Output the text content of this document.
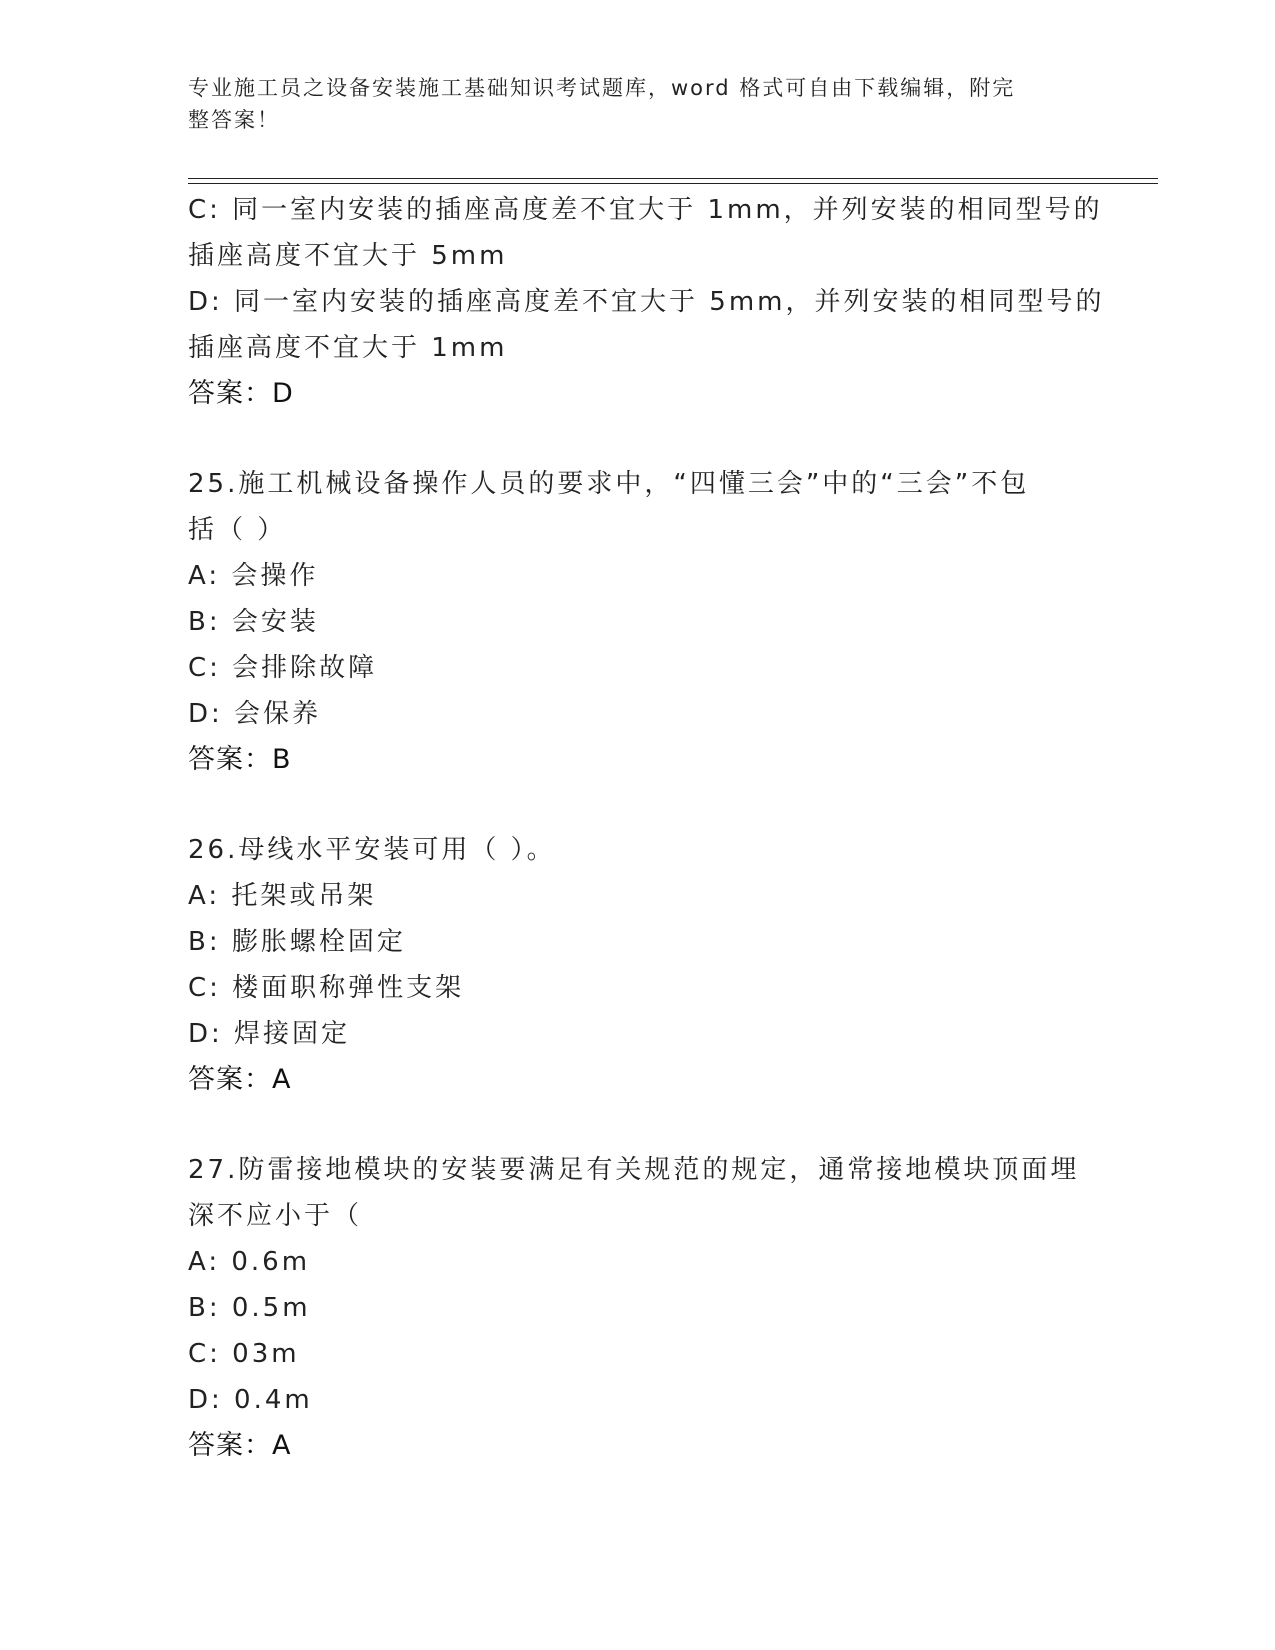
专业施工员之设备安装施工基础知识考试题库，word 格式可自由下载编辑，附完
整答案！
C: 同一室内安装的插座高度差不宜大于 1mm，并列安装的相同型号的
插座高度不宜大于 5mm
D: 同一室内安装的插座高度差不宜大于 5mm，并列安装的相同型号的
插座高度不宜大于 1mm
答案：D
25.施工机械设备操作人员的要求中，“四懂三会”中的“三会”不包
括（ ）
A: 会操作
B: 会安装
C: 会排除故障
D: 会保养
答案：B
26.母线水平安装可用（ ）。
A: 托架或吊架
B: 膨胀螺栓固定
C: 楼面职称弹性支架
D: 焊接固定
答案：A
27.防雷接地模块的安装要满足有关规范的规定，通常接地模块顶面埋
深不应小于（
A: 0.6m
B: 0.5m
C: 03m
D: 0.4m
答案：A
